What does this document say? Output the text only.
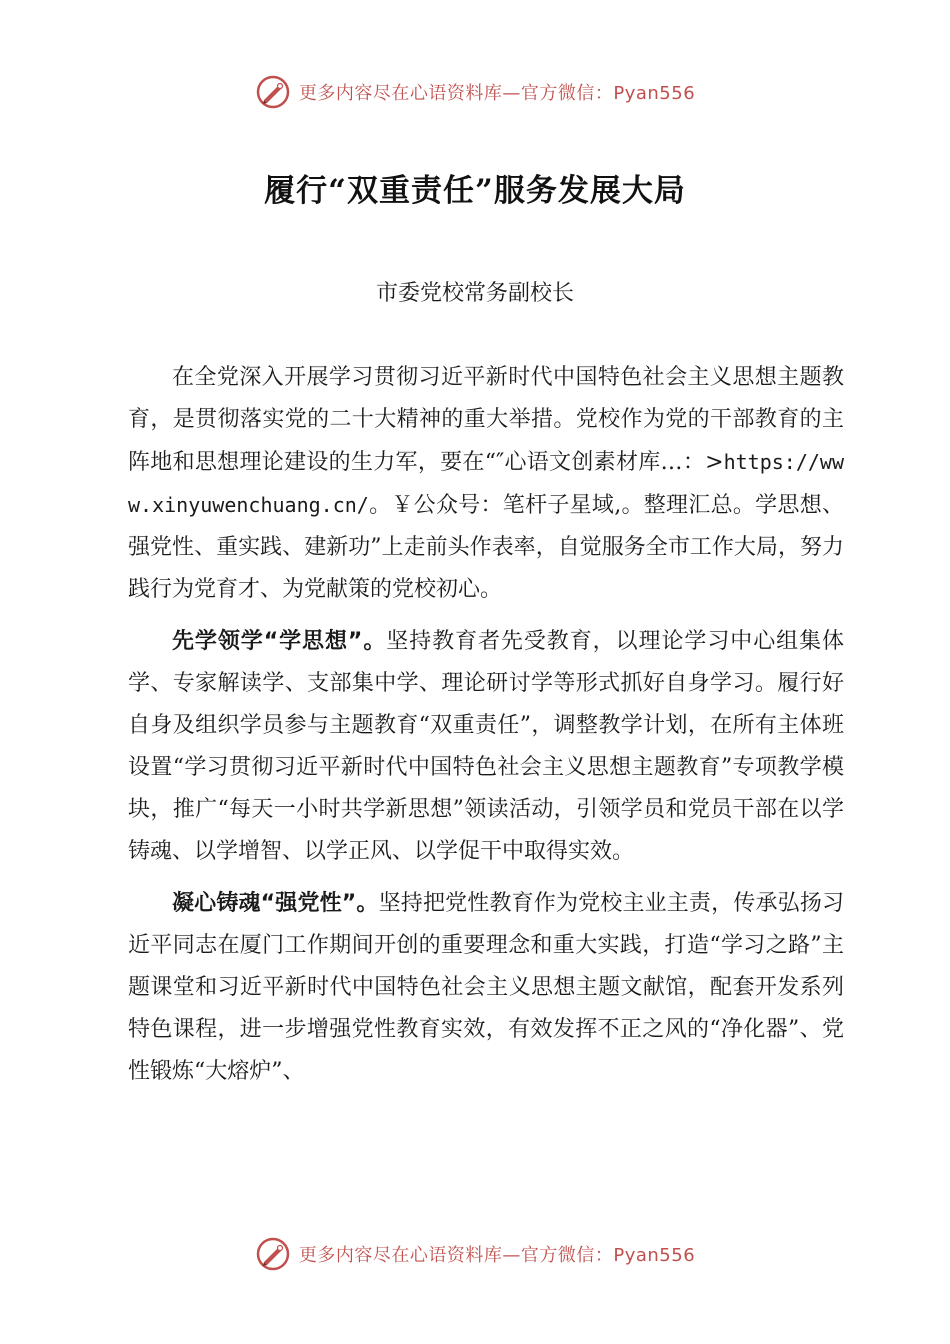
更多内容尽在心语资料库—官方微信：Pyan556
履行“双重责任”服务发展大局
市委党校常务副校长

在全党深入开展学习贯彻习近平新时代中国特色社会主义思想主题教育，是贯彻落实党的二十大精神的重大举措。党校作为党的干部教育的主阵地和思想理论建设的生力军，要在“″心语文创素材库…：>https://www.xinyuwenchuang.cn/。￥公众号：笔杆子星域,。整理汇总。学思想、强党性、重实践、建新功”上走前头作表率，自觉服务全市工作大局，努力践行为党育才、为党献策的党校初心。

先学领学“学思想”。坚持教育者先受教育，以理论学习中心组集体学、专家解读学、支部集中学、理论研讨学等形式抓好自身学习。履行好自身及组织学员参与主题教育“双重责任”，调整教学计划，在所有主体班设置“学习贯彻习近平新时代中国特色社会主义思想主题教育”专项教学模块，推广“每天一小时共学新思想”领读活动，引领学员和党员干部在以学铸魂、以学增智、以学正风、以学促干中取得实效。

凝心铸魂“强党性”。坚持把党性教育作为党校主业主责，传承弘扬习近平同志在厦门工作期间开创的重要理念和重大实践，打造“学习之路”主题课堂和习近平新时代中国特色社会主义思想主题文献馆，配套开发系列特色课程，进一步增强党性教育实效，有效发挥不正之风的“净化器”、党性锻炼“大熔炉”、

更多内容尽在心语资料库—官方微信：Pyan556
